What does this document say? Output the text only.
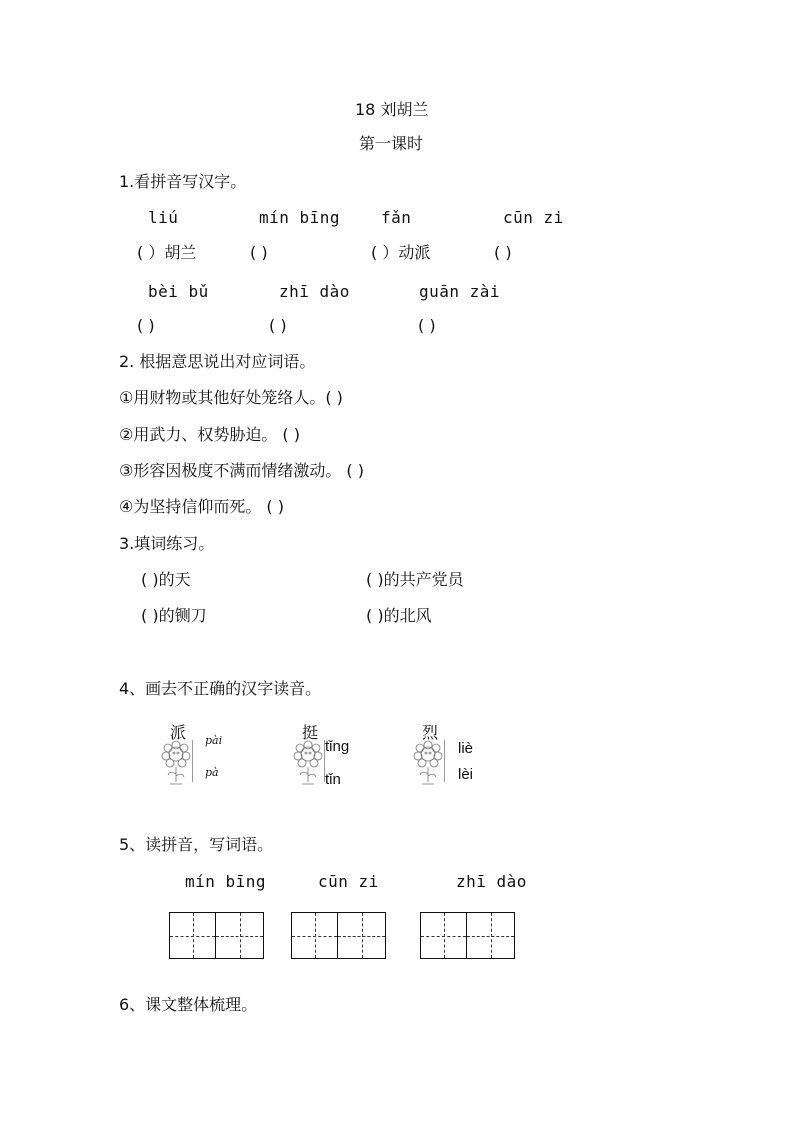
18 刘胡兰
第一课时
1.看拼音写汉字。
liú	mín bīng	fǎn	cūn zi
( ）胡兰	( )	( ）动派	( )
bèi bǔ	zhī dào	guān zài
( )	( )	( )
2. 根据意思说出对应词语。
①用财物或其他好处笼络人。( )
②用武力、权势胁迫。 ( )
③形容因极度不满而情绪激动。 ( )
④为坚持信仰而死。 ( )
3.填词练习。
( )的天	( )的共产党员
( )的铡刀	( )的北风
4、画去不正确的汉字读音。
派 pài
pà
挺
tǐng
tǐn
烈
liè
lèi
5、读拼音，写词语。
mín bīng	cūn zi	zhī dào
6、课文整体梳理。
